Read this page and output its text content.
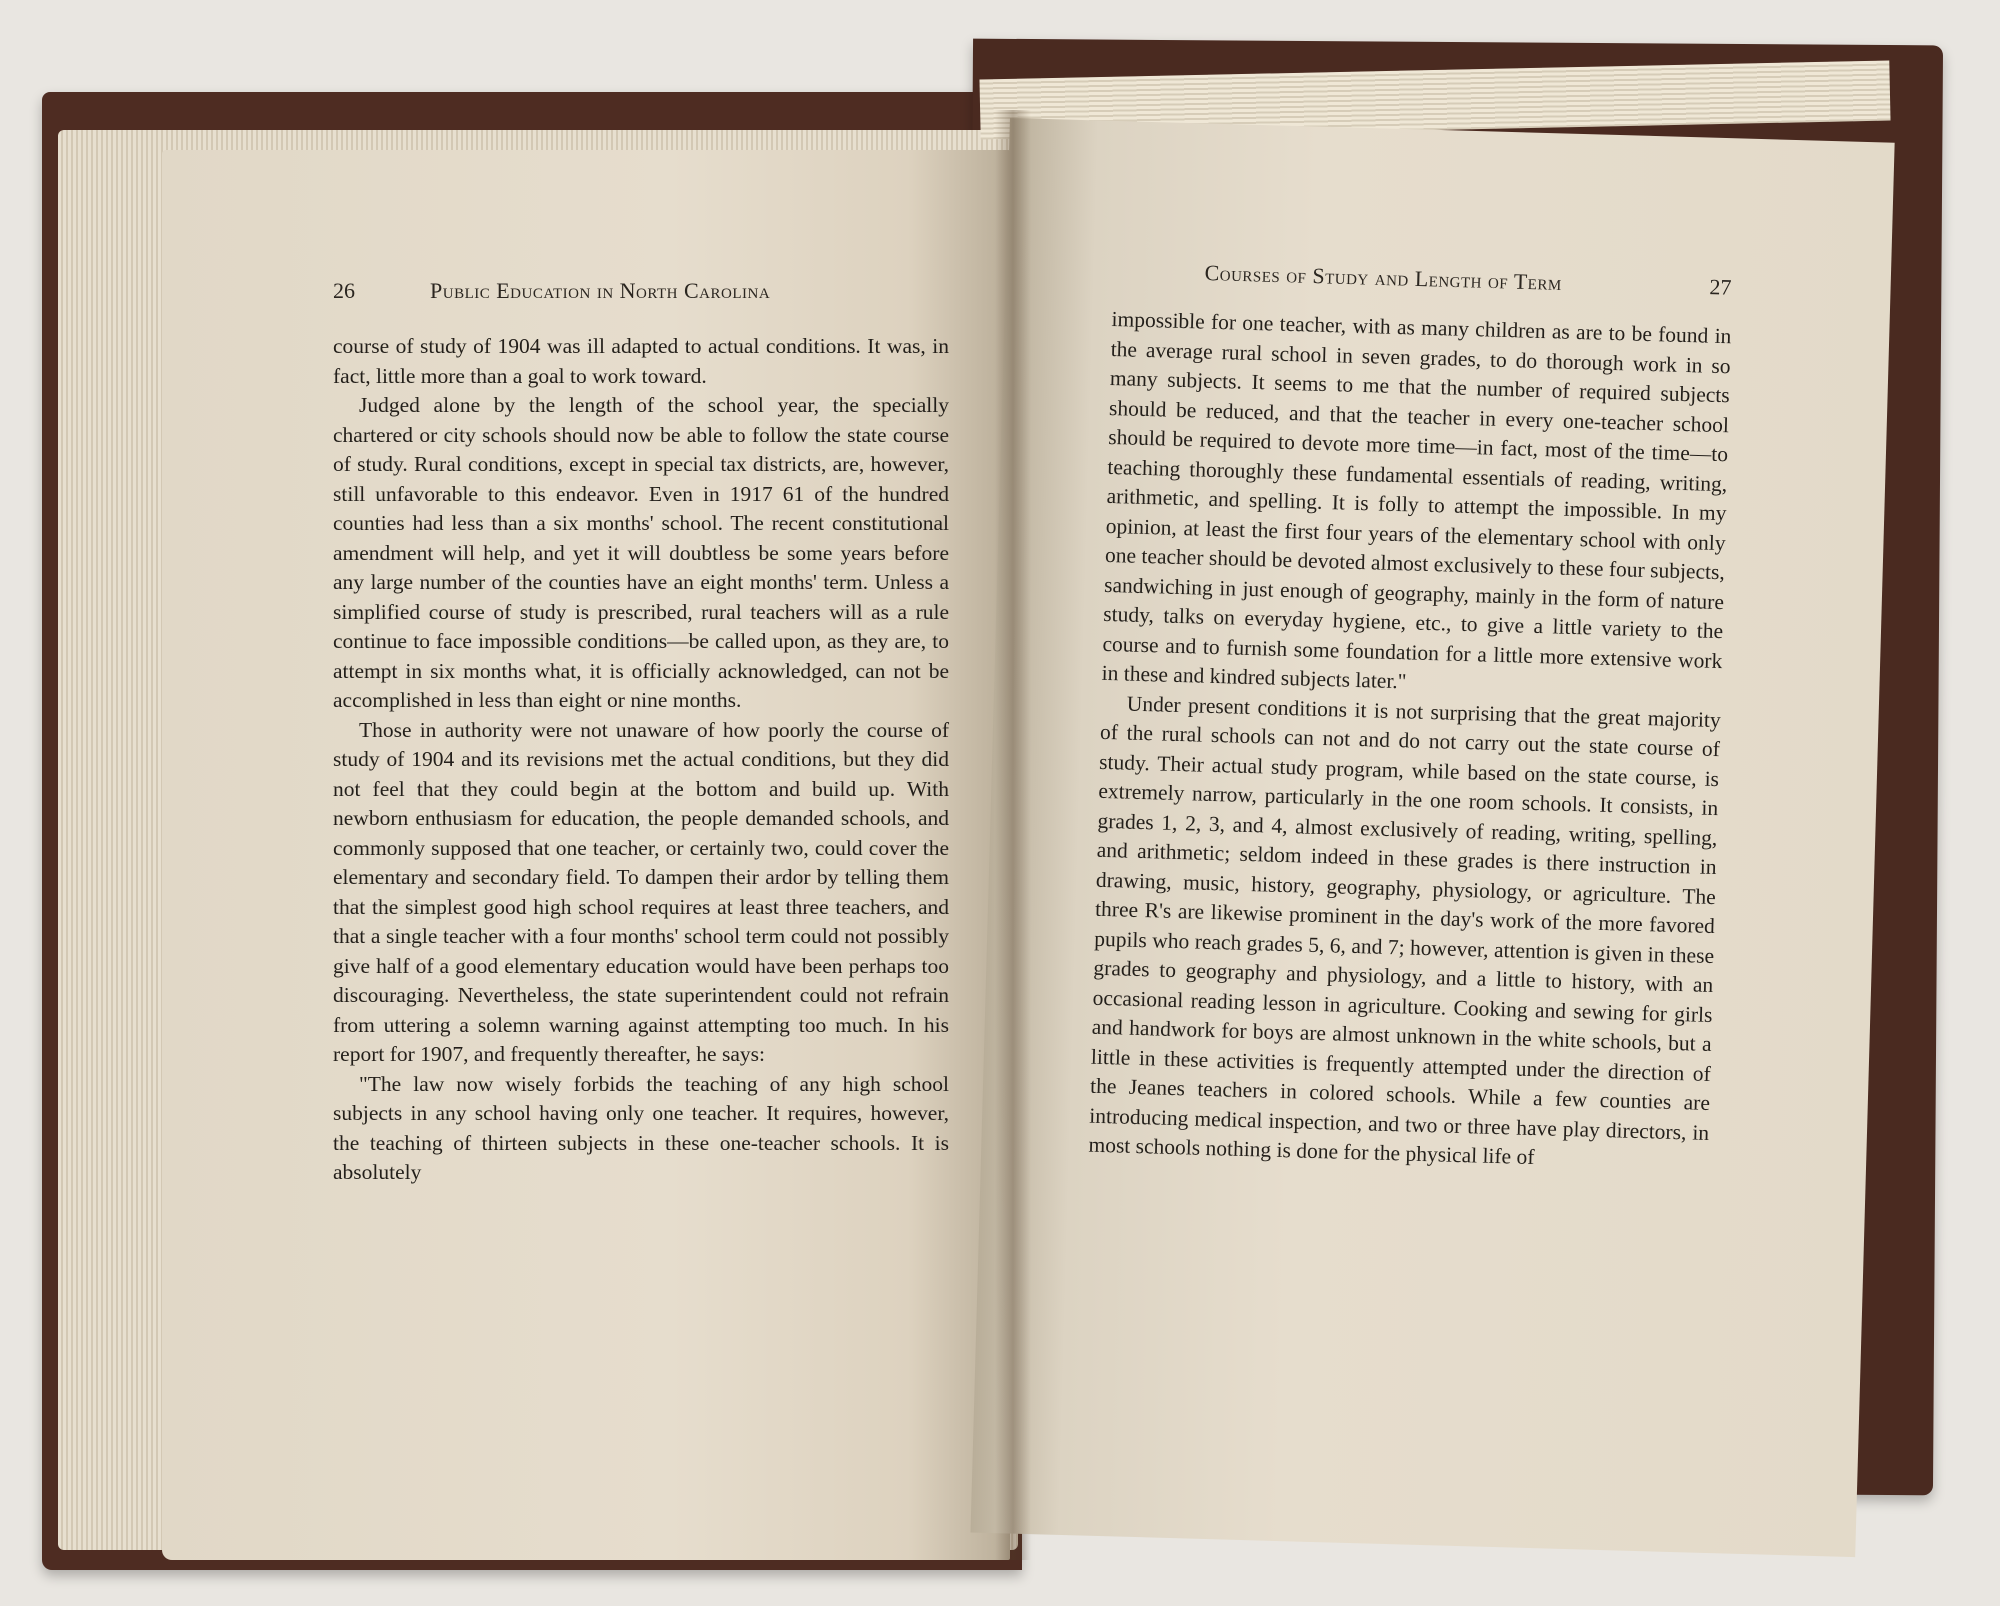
26	Public Education in North Carolina

course of study of 1904 was ill adapted to actual conditions. It was, in fact, little more than a goal to work toward.

Judged alone by the length of the school year, the specially chartered or city schools should now be able to follow the state course of study. Rural conditions, except in special tax districts, are, however, still unfavorable to this endeavor. Even in 1917 61 of the hundred counties had less than a six months' school. The recent constitutional amendment will help, and yet it will doubtless be some years before any large number of the counties have an eight months' term. Unless a simplified course of study is prescribed, rural teachers will as a rule continue to face impossible conditions—be called upon, as they are, to attempt in six months what, it is officially acknowledged, can not be accomplished in less than eight or nine months.

Those in authority were not unaware of how poorly the course of study of 1904 and its revisions met the actual conditions, but they did not feel that they could begin at the bottom and build up. With newborn enthusiasm for education, the people demanded schools, and commonly supposed that one teacher, or certainly two, could cover the elementary and secondary field. To dampen their ardor by telling them that the simplest good high school requires at least three teachers, and that a single teacher with a four months' school term could not possibly give half of a good elementary education would have been perhaps too discouraging. Nevertheless, the state superintendent could not refrain from uttering a solemn warning against attempting too much. In his report for 1907, and frequently thereafter, he says:

"The law now wisely forbids the teaching of any high school subjects in any school having only one teacher. It requires, however, the teaching of thirteen subjects in these one-teacher schools. It is absolutely

Courses of Study and Length of Term	27

impossible for one teacher, with as many children as are to be found in the average rural school in seven grades, to do thorough work in so many subjects. It seems to me that the number of required subjects should be reduced, and that the teacher in every one-teacher school should be required to devote more time—in fact, most of the time—to teaching thoroughly these fundamental essentials of reading, writing, arithmetic, and spelling. It is folly to attempt the impossible. In my opinion, at least the first four years of the elementary school with only one teacher should be devoted almost exclusively to these four subjects, sandwiching in just enough of geography, mainly in the form of nature study, talks on everyday hygiene, etc., to give a little variety to the course and to furnish some foundation for a little more extensive work in these and kindred subjects later."

Under present conditions it is not surprising that the great majority of the rural schools can not and do not carry out the state course of study. Their actual study program, while based on the state course, is extremely narrow, particularly in the one room schools. It consists, in grades 1, 2, 3, and 4, almost exclusively of reading, writing, spelling, and arithmetic; seldom indeed in these grades is there instruction in drawing, music, history, geography, physiology, or agriculture. The three R's are likewise prominent in the day's work of the more favored pupils who reach grades 5, 6, and 7; however, attention is given in these grades to geography and physiology, and a little to history, with an occasional reading lesson in agriculture. Cooking and sewing for girls and handwork for boys are almost unknown in the white schools, but a little in these activities is frequently attempted under the direction of the Jeanes teachers in colored schools. While a few counties are introducing medical inspection, and two or three have play directors, in most schools nothing is done for the physical life of
